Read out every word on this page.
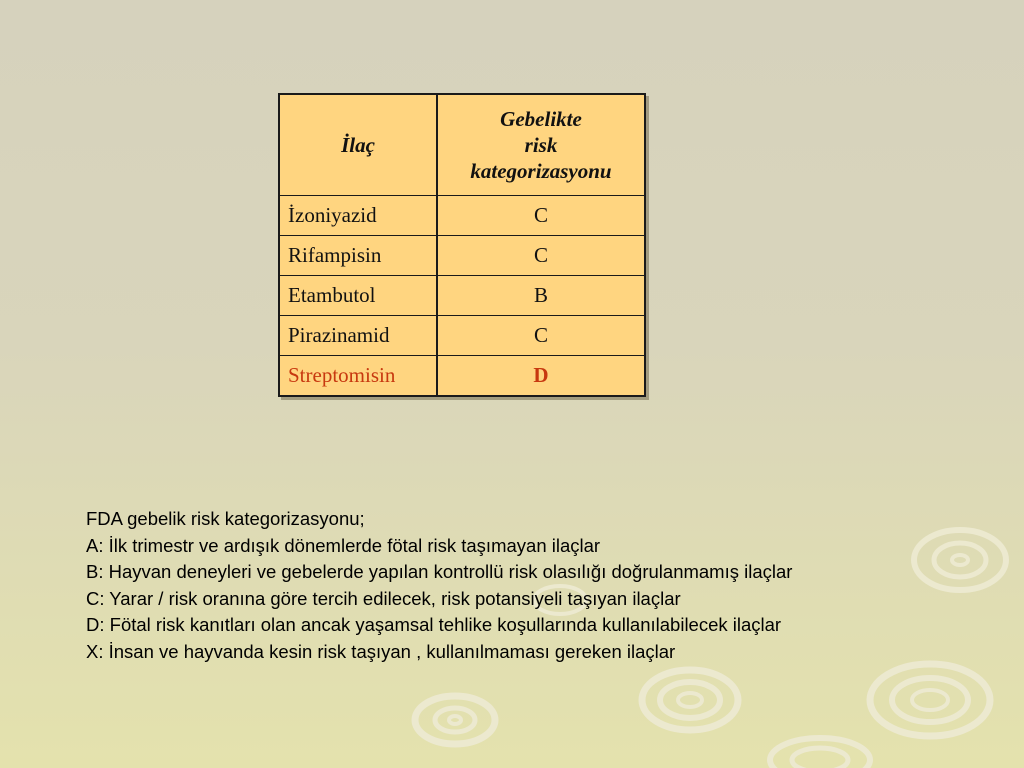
İlaç	Gebelikte
risk
kategorizasyonu

İzoniyazid	C
Rifampisin	C
Etambutol	B
Pirazinamid	C
Streptomisin	D
FDA gebelik risk kategorizasyonu;
A: İlk trimestr ve ardışık dönemlerde fötal risk taşımayan ilaçlar
B: Hayvan deneyleri ve gebelerde yapılan kontrollü risk olasılığı doğrulanmamış ilaçlar
C: Yarar / risk oranına göre tercih edilecek, risk potansiyeli taşıyan ilaçlar
D: Fötal risk kanıtları olan ancak yaşamsal tehlike koşullarında kullanılabilecek ilaçlar
X: İnsan ve hayvanda kesin risk taşıyan , kullanılmaması gereken ilaçlar
